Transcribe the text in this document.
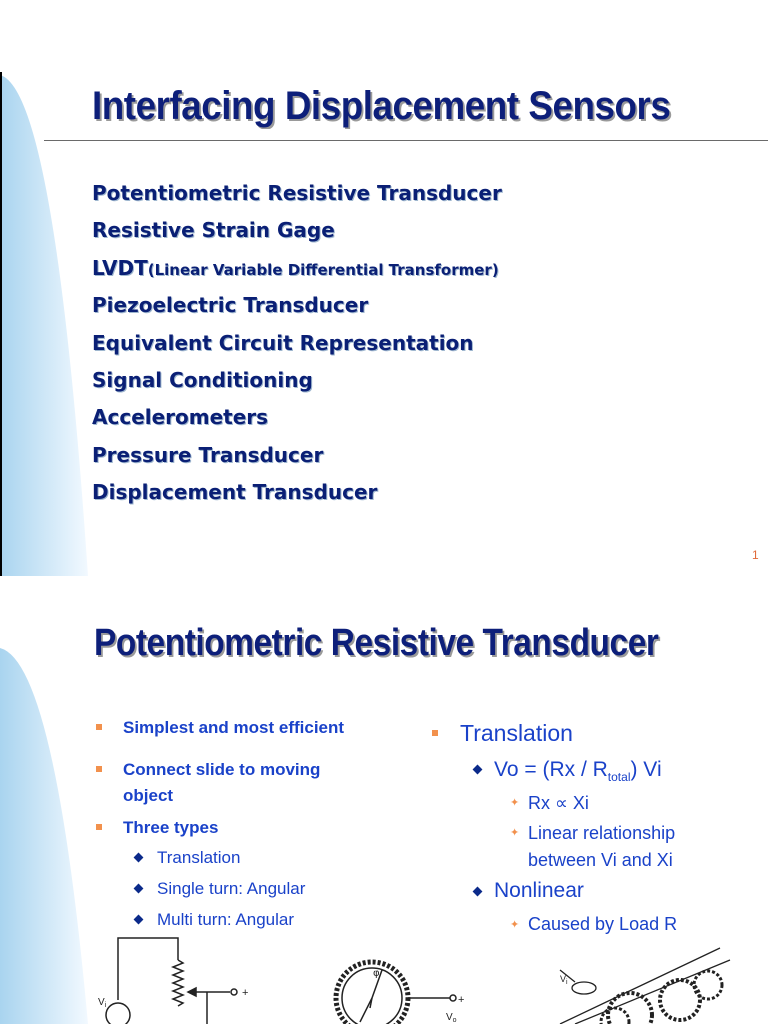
Interfacing Displacement Sensors
Potentiometric Resistive Transducer
Resistive Strain Gage
LVDT(Linear Variable Differential Transformer)
Piezoelectric Transducer
Equivalent Circuit Representation
Signal Conditioning
Accelerometers
Pressure Transducer
Displacement Transducer
1
Potentiometric Resistive Transducer
Simplest and most efficient
Connect slide to moving
object
Three types
Translation
Single turn: Angular
Multi turn: Angular
Translation
$Vo = (Rx / R_{total})$ Vi
✦ Rx ∝ Xi
✦ Linear relationship
between Vi and Xi
Nonlinear
✦ Caused by Load R
$V_i$
+
φ
+
$V_o$
$V_i$
